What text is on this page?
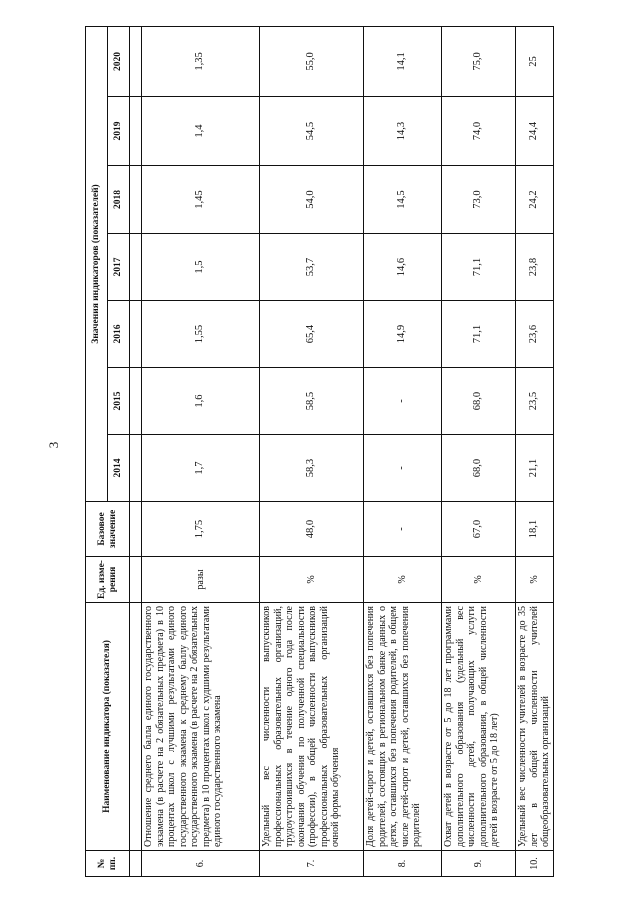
3
№ пп.	Наименование индикатора (показателя)	Ед. изме-рения	Базовое значение	Значения индикаторов (показателей)						
				2014	2015	2016	2017	2018	2019	2020

6.	Отношение среднего балла единого государственного экзамена (в расчете на 2 обязательных предмета) в 10 процентах школ с лучшими результатами единого государственного экзамена к среднему баллу единого государственного экзамена (в расчете на 2 обязательных предмета) в 10 процентах школ с худшими результатами единого государственного экзамена	разы	1,75	1,7	1,6	1,55	1,5	1,45	1,4	1,35
7.	Удельный вес численности выпускников профессиональных образовательных организаций, трудоустроившихся в течение одного года после окончания обучения по полученной специальности (профессии), в общей численности выпускников профессиональных образовательных организаций очной формы обучения	%	48,0	58,3	58,5	65,4	53,7	54,0	54,5	55,0
8.	Доля детей-сирот и детей, оставшихся без попечения родителей, состоящих в региональном банке данных о детях, оставшихся без попечения родителей, в общем числе детей-сирот и детей, оставшихся без попечения родителей	%	-	-	-	14,9	14,6	14,5	14,3	14,1
9.	Охват детей в возрасте от 5 до 18 лет программами дополнительного образования (удельный вес численности детей, получающих услуги дополнительного образования, в общей численности детей в возрасте от 5 до 18 лет)	%	67,0	68,0	68,0	71,1	71,1	73,0	74,0	75,0
10.	Удельный вес численности учителей в возрасте до 35 лет в общей численности учителей общеобразовательных организаций	%	18,1	21,1	23,5	23,6	23,8	24,2	24,4	25
